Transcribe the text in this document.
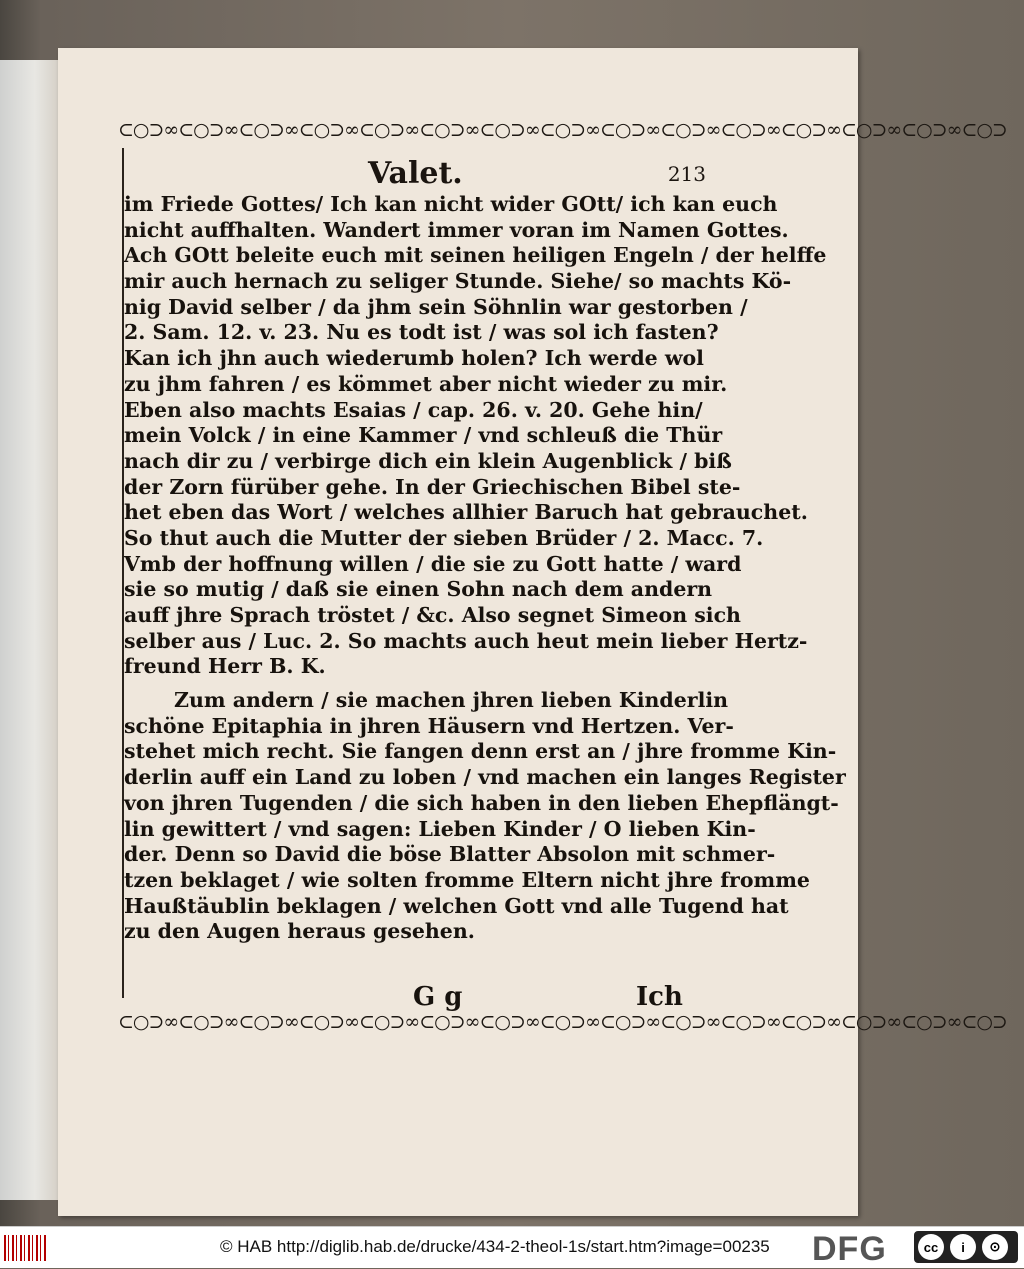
⊂○⊃∞⊂○⊃∞⊂○⊃∞⊂○⊃∞⊂○⊃∞⊂○⊃∞⊂○⊃∞⊂○⊃∞⊂○⊃∞⊂○⊃∞⊂○⊃∞⊂○⊃∞⊂○⊃∞⊂○⊃∞⊂○⊃
Valet.	213
im Friede Gottes/ Ich kan nicht wider GOtt/ ich kan euch
nicht auffhalten. Wandert immer voran im Namen Gottes.
Ach GOtt beleite euch mit seinen heiligen Engeln / der helffe
mir auch hernach zu seliger Stunde. Siehe/ so machts Kö-
nig David selber / da jhm sein Söhnlin war gestorben /
2. Sam. 12. v. 23. Nu es todt ist / was sol ich fasten?
Kan ich jhn auch wiederumb holen? Ich werde wol
zu jhm fahren / es kömmet aber nicht wieder zu mir.
Eben also machts Esaias / cap. 26. v. 20. Gehe hin/
mein Volck / in eine Kammer / vnd schleuß die Thür
nach dir zu / verbirge dich ein klein Augenblick / biß
der Zorn fürüber gehe. In der Griechischen Bibel ste-
het eben das Wort / welches allhier Baruch hat gebrauchet.
So thut auch die Mutter der sieben Brüder / 2. Macc. 7.
Vmb der hoffnung willen / die sie zu Gott hatte / ward
sie so mutig / daß sie einen Sohn nach dem andern
auff jhre Sprach tröstet / &c. Also segnet Simeon sich
selber aus / Luc. 2. So machts auch heut mein lieber Hertz-
freund Herr B. K.
Zum andern / sie machen jhren lieben Kinderlin
schöne Epitaphia in jhren Häusern vnd Hertzen. Ver-
stehet mich recht. Sie fangen denn erst an / jhre fromme Kin-
derlin auff ein Land zu loben / vnd machen ein langes Register
von jhren Tugenden / die sich haben in den lieben Ehepflängt-
lin gewittert / vnd sagen: Lieben Kinder / O lieben Kin-
der. Denn so David die böse Blatter Absolon mit schmer-
tzen beklaget / wie solten fromme Eltern nicht jhre fromme
Haußtäublin beklagen / welchen Gott vnd alle Tugend hat
zu den Augen heraus gesehen.
G g	Ich
⊂○⊃∞⊂○⊃∞⊂○⊃∞⊂○⊃∞⊂○⊃∞⊂○⊃∞⊂○⊃∞⊂○⊃∞⊂○⊃∞⊂○⊃∞⊂○⊃∞⊂○⊃∞⊂○⊃∞⊂○⊃∞⊂○⊃
© HAB http://diglib.hab.de/drucke/434-2-theol-1s/start.htm?image=00235 DFG	cc	i	⊙
